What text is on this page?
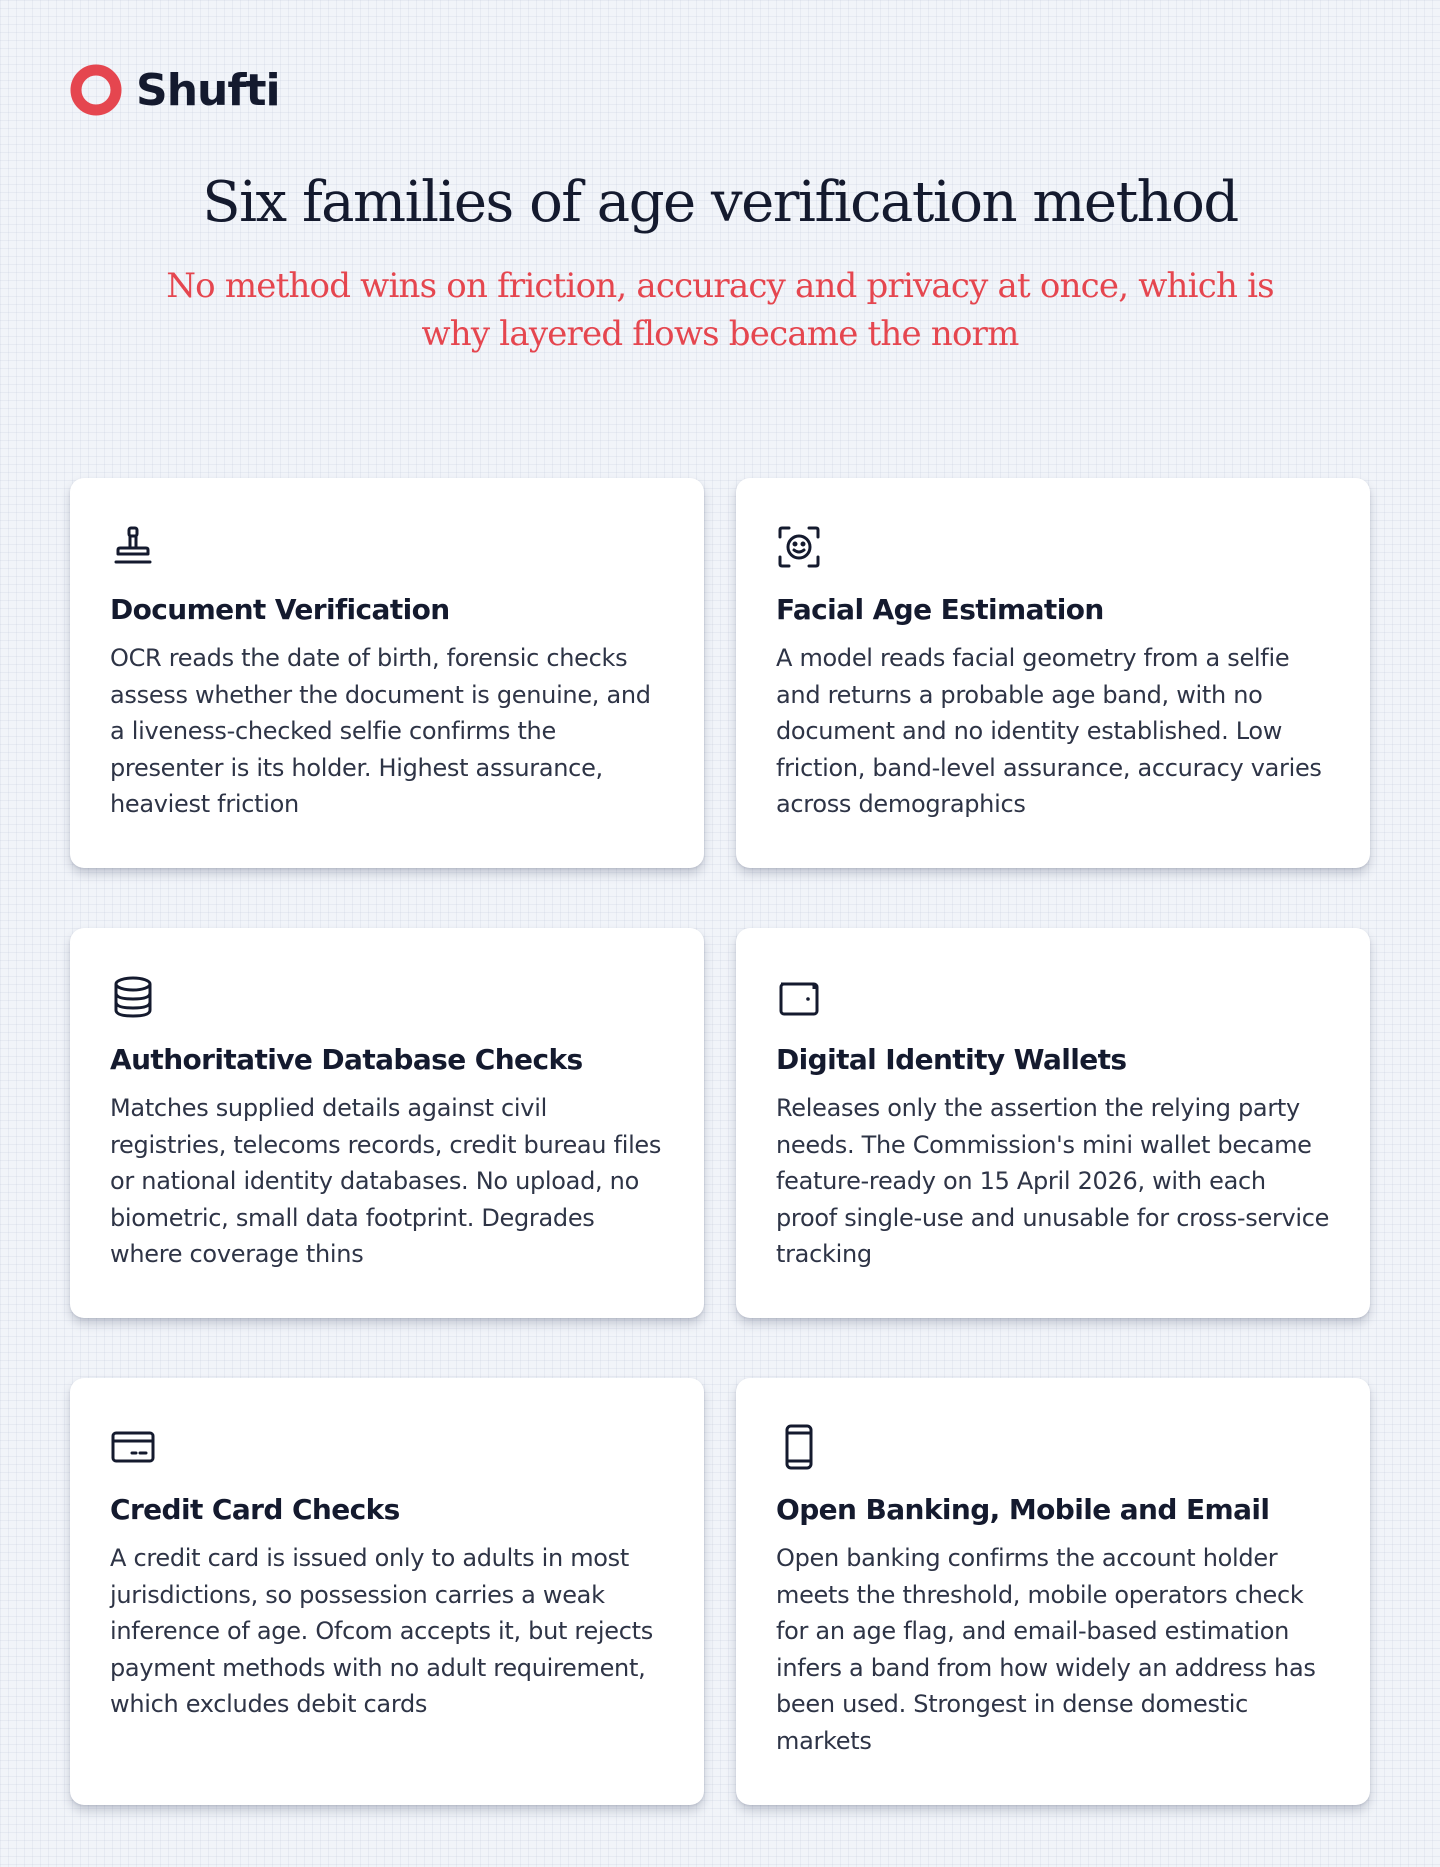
Shufti
Six families of age verification method

No method wins on friction, accuracy and privacy at once, which is why layered flows became the norm

Document Verification
OCR reads the date of birth, forensic checks assess whether the document is genuine, and a liveness-checked selfie confirms the presenter is its holder. Highest assurance, heaviest friction
Facial Age Estimation
A model reads facial geometry from a selfie and returns a probable age band, with no document and no identity established. Low friction, band-level assurance, accuracy varies across demographics
Authoritative Database Checks
Matches supplied details against civil registries, telecoms records, credit bureau files or national identity databases. No upload, no biometric, small data footprint. Degrades where coverage thins
Digital Identity Wallets
Releases only the assertion the relying party needs. The Commission's mini wallet became feature-ready on 15 April 2026, with each proof single-use and unusable for cross-service tracking
Credit Card Checks
A credit card is issued only to adults in most jurisdictions, so possession carries a weak inference of age. Ofcom accepts it, but rejects payment methods with no adult requirement, which excludes debit cards
Open Banking, Mobile and Email
Open banking confirms the account holder meets the threshold, mobile operators check for an age flag, and email-based estimation infers a band from how widely an address has been used. Strongest in dense domestic markets
